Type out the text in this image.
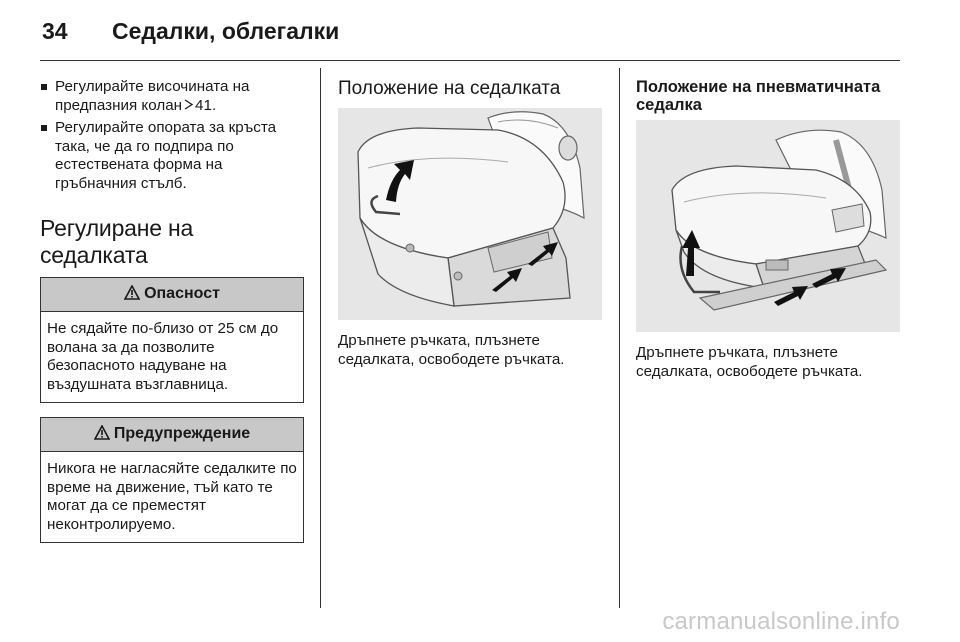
34	Седалки, облегалки
Регулирайте височината на предпазния колан 41.
Регулирайте опората за кръста така, че да го подпира по естествената форма на гръбначния стълб.
Регулиране на седалката
Опасност
Не сядайте по-близо от 25 см до волана за да позволите безопасното надуване на въздушната възглавница.
Предупреждение
Никога не нагласяйте седалките по време на движение, тъй като те могат да се преместят неконтролируемо.
Положение на седалката
Дръпнете ръчката, плъзнете седалката, освободете ръчката.
Положение на пневматичната седалка
Дръпнете ръчката, плъзнете седалката, освободете ръчката.
carmanualsonline.info
